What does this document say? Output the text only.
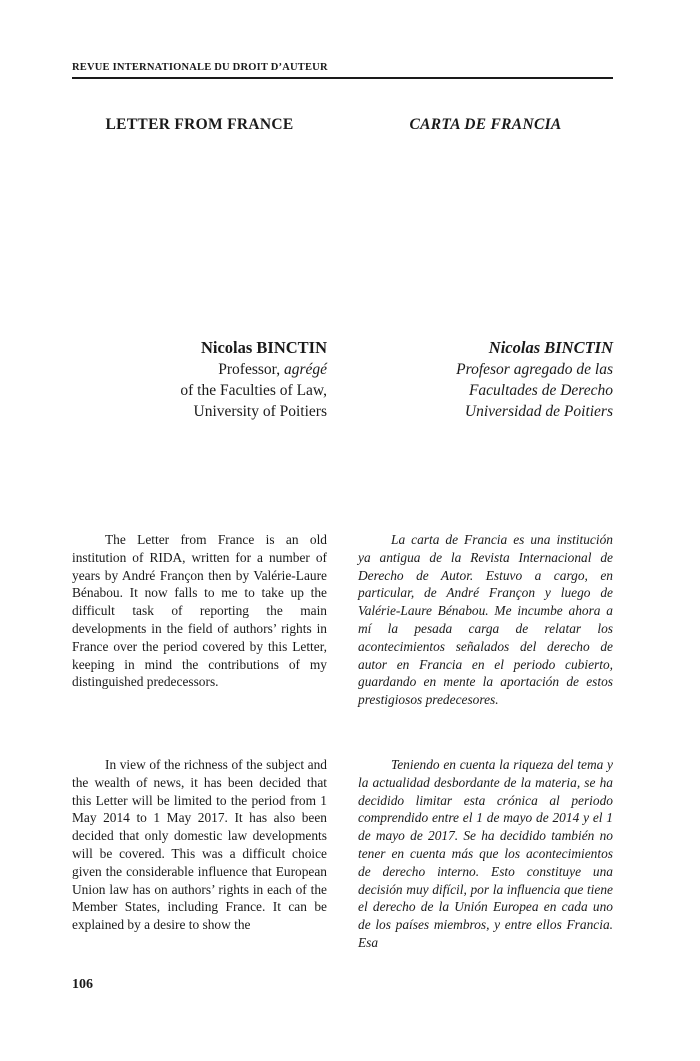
REVUE INTERNATIONALE DU DROIT D’AUTEUR
LETTER FROM FRANCE	CARTA DE FRANCIA
Nicolas BINCTIN
Professor, agrégé
of the Faculties of Law,
University of Poitiers
Nicolas BINCTIN
Profesor agregado de las
Facultades de Derecho
Universidad de Poitiers

The Letter from France is an old institution of RIDA, written for a number of years by André Françon then by Valérie-Laure Bénabou. It now falls to me to take up the difficult task of reporting the main developments in the field of authors’ rights in France over the period covered by this Letter, keeping in mind the contributions of my distinguished predecessors.

La carta de Francia es una institución ya antigua de la Revista Internacional de Derecho de Autor. Estuvo a cargo, en particular, de André Françon y luego de Valérie-Laure Bénabou. Me incumbe ahora a mí la pesada carga de relatar los acontecimientos señalados del derecho de autor en Francia en el periodo cubierto, guardando en mente la aportación de estos prestigiosos predecesores.

In view of the richness of the subject and the wealth of news, it has been decided that this Letter will be limited to the period from 1 May 2014 to 1 May 2017. It has also been decided that only domestic law developments will be covered. This was a difficult choice given the considerable influence that European Union law has on authors’ rights in each of the Member States, including France. It can be explained by a desire to show the

Teniendo en cuenta la riqueza del tema y la actualidad desbordante de la materia, se ha decidido limitar esta crónica al periodo comprendido entre el 1 de mayo de 2014 y el 1 de mayo de 2017. Se ha decidido también no tener en cuenta más que los acontecimientos de derecho interno. Esto constituye una decisión muy difícil, por la influencia que tiene el derecho de la Unión Europea en cada uno de los países miembros, y entre ellos Francia. Esa

106
